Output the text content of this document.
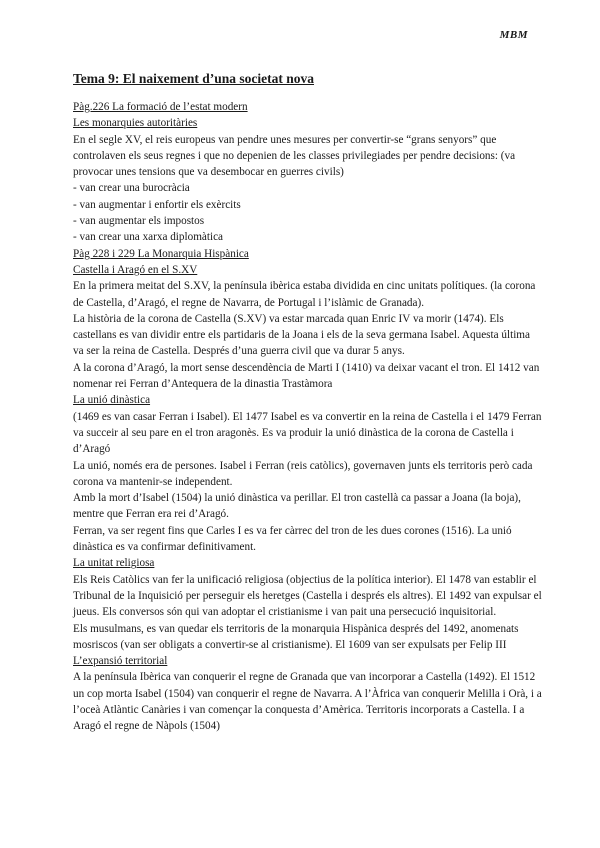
MBM
Tema 9: El naixement d’una societat nova

Pàg.226 La formació de l’estat modern

Les monarquies autoritàries

En el segle XV, el reis europeus van pendre unes mesures per convertir-se “grans senyors” que controlaven els seus regnes i que no depenien de les classes privilegiades per pendre decisions: (va provocar unes tensions que va desembocar en guerres civils)

- van crear una burocràcia

- van augmentar i enfortir els exèrcits

- van augmentar els impostos

- van crear una xarxa diplomàtica

Pàg 228 i 229 La Monarquia Hispànica

Castella i Aragó en el S.XV

En la primera meitat del S.XV, la península ibèrica estaba dividida en cinc unitats polítiques. (la corona de Castella, d’Aragó, el regne de Navarra, de Portugal i l’islàmic de Granada).

La història de la corona de Castella (S.XV) va estar marcada quan Enric IV va morir (1474). Els castellans es van dividir entre els partidaris de la Joana i els de la seva germana Isabel. Aquesta última va ser la reina de Castella. Després d’una guerra civil que va durar 5 anys.

A la corona d’Aragó, la mort sense descendència de Marti I (1410) va deixar vacant el tron. El 1412 van nomenar rei Ferran d’Antequera de la dinastia Trastàmora

La unió dinàstica

(1469 es van casar Ferran i Isabel). El 1477 Isabel es va convertir en la reina de Castella i el 1479 Ferran va succeir al seu pare en el tron aragonès. Es va produir la unió dinàstica de la corona de Castella i d’Aragó

La unió, només era de persones. Isabel i Ferran (reis catòlics), governaven junts els territoris però cada corona va mantenir-se independent.

Amb la mort d’Isabel (1504) la unió dinàstica va perillar. El tron castellà ca passar a Joana (la boja), mentre que Ferran era rei d’Aragó.

Ferran, va ser regent fins que Carles I es va fer càrrec del tron de les dues corones (1516). La unió dinàstica es va confirmar definitivament.

La unitat religiosa

Els Reis Catòlics van fer la unificació religiosa (objectius de la política interior). El 1478 van establir el Tribunal de la Inquisició per perseguir els heretges (Castella i després els altres). El 1492 van expulsar el jueus. Els conversos són qui van adoptar el cristianisme i van pait una persecució inquisitorial.

Els musulmans, es van quedar els territoris de la monarquia Hispànica després del 1492, anomenats mosriscos (van ser obligats a convertir-se al cristianisme). El 1609 van ser expulsats per Felip III

L’expansió territorial

A la península Ibèrica van conquerir el regne de Granada que van incorporar a Castella (1492). El 1512 un cop morta Isabel (1504) van conquerir el regne de Navarra. A l’Àfrica van conquerir Melilla i Orà, i a l’oceà Atlàntic Canàries i van començar la conquesta d’Amèrica. Territoris incorporats a Castella. I a Aragó el regne de Nàpols (1504)
